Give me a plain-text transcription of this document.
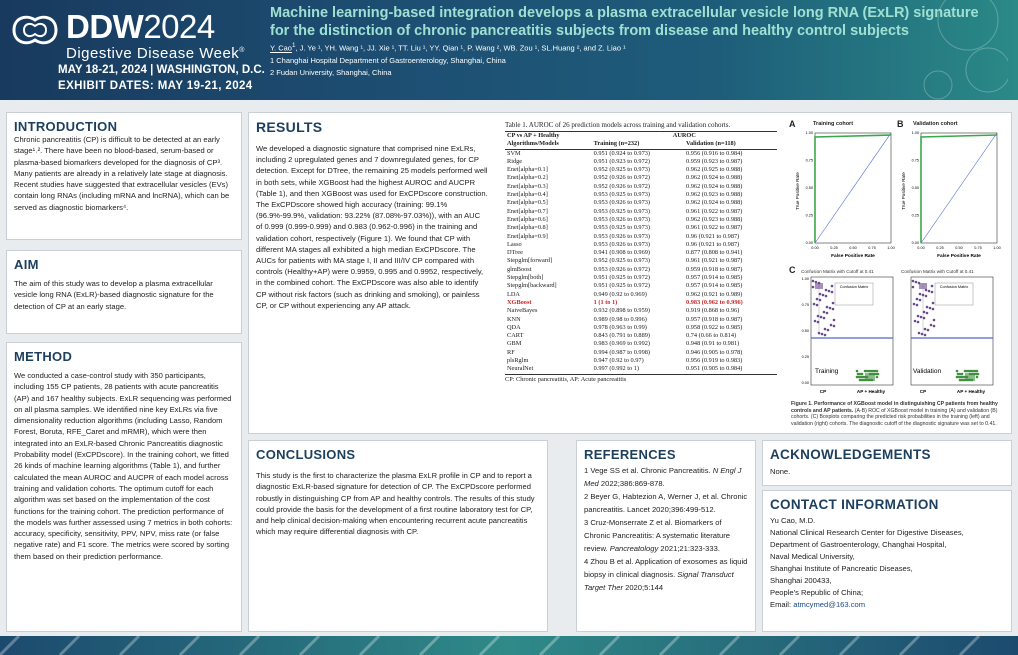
DDW2024
Digestive Disease Week®
MAY 18-21, 2024 | WASHINGTON, D.C.
EXHIBIT DATES: MAY 19-21, 2024
Machine learning-based integration develops a plasma extracellular vesicle long RNA (ExLR) signature for the distinction of chronic pancreatitis subjects from disease and healthy control subjects
Y. Cao$^1$, J. Ye ¹, YH. Wang ¹, JJ. Xie ¹, TT. Liu ¹, YY. Qian ¹, P. Wang ², WB. Zou ¹, SL.Huang ², and Z. Liao ¹
1 Changhai Hospital Department of Gastroenterology, Shanghai, China
2 Fudan University, Shanghai, China
INTRODUCTION

Chronic pancreatitis (CP) is difficult to be detected at an early stage¹˒². There have been no blood-based, serum-based or plasma-based biomarkers developed for the diagnosis of CP³. Many patients are already in a relatively late stage at diagnosis. Recent studies have suggested that extracellular vesicles (EVs) contain long RNAs (including mRNA and lncRNA), which can be served as diagnostic biomarkers⁴.

AIM

The aim of this study was to develop a plasma extracellular vesicle long RNA (ExLR)-based diagnostic signature for the detection of CP at an early stage.

METHOD

We conducted a case-control study with 350 participants, including 155 CP patients, 28 patients with acute pancreatitis (AP) and 167 healthy subjects. ExLR sequencing was performed on all plasma samples. We identified nine key ExLRs via five dimensionality reduction algorithms (including Lasso, Random Forest, Boruta, RFE_Caret and mRMR), which were then integrated into an ExLR-based Chronic Pancreatitis diagnostic Probability model (ExCPDscore). In the training cohort, we fitted 26 kinds of machine learning algorithms (Table 1), and further calculated the mean AUROC and AUCPR of each model across training and validation cohorts. The optimum cutoff for each algorithm was set based on the implementation of the cost functions for the training cohort. The prediction performance of the models was further assessed using 7 metrics in both cohorts: accuracy, specificity, sensitivity, PPV, NPV, miss rate (or false negative rate) and F1 score. The metrics were scored by sorting them based on their prediction performance.

RESULTS

We developed a diagnostic signature that comprised nine ExLRs, including 2 upregulated genes and 7 downregulated genes, for CP detection. Except for DTree, the remaining 25 models performed well in both sets, while XGBoost had the highest AUROC and AUCPR (Table 1), and then XGBoost was used for ExCPDscore construction. The ExCPDscore showed high accuracy (training: 99.1% (96.9%-99.9%, validation: 93.22% (87.08%-97.03%)), with an AUC of 0.999 (0.999-0.999) and 0.983 (0.962-0.996) in the training and validation cohort, respectively (Figure 1). We found that CP with different MA stages all exhibited a high median ExCPDscore. The AUCs for patients with MA stage I, II and III/IV CP compared with controls (Healthy+AP) were 0.9959, 0.995 and 0.9952, respectively, in the combined cohort. The ExCPDscore was also able to identify CP without risk factors (such as drinking and smoking), or painless CP, or CP without experiencing any AP attack.

Table 1. AUROC of 26 prediction models across training and validation cohorts.
CP vs AP + Healthy	AUROC	
Algorithms/Models	Training (n=232)	Validation (n=118)
SVM	0.951 (0.924 to 0.973)	0.956 (0.916 to 0.984)
Ridge	0.951 (0.923 to 0.972)	0.959 (0.923 to 0.987)
Enet[alpha=0.1]	0.952 (0.925 to 0.973)	0.962 (0.925 to 0.988)
Enet[alpha=0.2]	0.952 (0.926 to 0.972)	0.962 (0.924 to 0.988)
Enet[alpha=0.3]	0.952 (0.926 to 0.972)	0.962 (0.924 to 0.988)
Enet[alpha=0.4]	0.953 (0.925 to 0.973)	0.962 (0.923 to 0.988)
Enet[alpha=0.5]	0.953 (0.926 to 0.973)	0.962 (0.924 to 0.988)
Enet[alpha=0.7]	0.953 (0.925 to 0.973)	0.961 (0.922 to 0.987)
Enet[alpha=0.6]	0.953 (0.926 to 0.973)	0.962 (0.923 to 0.988)
Enet[alpha=0.8]	0.953 (0.925 to 0.973)	0.961 (0.922 to 0.987)
Enet[alpha=0.9]	0.953 (0.926 to 0.973)	0.96 (0.921 to 0.987)
Lasso	0.953 (0.926 to 0.973)	0.96 (0.921 to 0.987)
DTree	0.941 (0.908 to 0.969)	0.877 (0.808 to 0.941)
Stepglm[forward]	0.952 (0.925 to 0.973)	0.961 (0.921 to 0.987)
glmBoost	0.953 (0.926 to 0.972)	0.959 (0.918 to 0.987)
Stepglm[both]	0.951 (0.925 to 0.972)	0.957 (0.914 to 0.985)
Stepglm[backward]	0.951 (0.925 to 0.972)	0.957 (0.914 to 0.985)
LDA	0.949 (0.92 to 0.969)	0.962 (0.921 to 0.989)
XGBoost	1 (1 to 1)	0.983 (0.962 to 0.996)
NaiveBayes	0.932 (0.898 to 0.959)	0.919 (0.868 to 0.96)
KNN	0.989 (0.98 to 0.996)	0.957 (0.918 to 0.987)
QDA	0.978 (0.963 to 0.99)	0.958 (0.922 to 0.985)
CART	0.843 (0.791 to 0.889)	0.74 (0.66 to 0.814)
GBM	0.983 (0.969 to 0.992)	0.948 (0.91 to 0.981)
RF	0.994 (0.987 to 0.998)	0.946 (0.905 to 0.978)
plsRglm	0.947 (0.92 to 0.97)	0.956 (0.919 to 0.983)
NeuralNet	0.997 (0.992 to 1)	0.951 (0.905 to 0.984)
CP: Chronic pancreatitis, AP: Acute pancreatitis
A	Training cohort	B Validation cohort
True Positive Rate	True Positive Rate
False Positive Rate	False Positive Rate
0.00	0.00
0.00	0.00
0.25	0.25
0.25	0.25
0.50	0.50
0.50	0.50
0.75	0.75
0.75	0.75
1.00	1.00
1.00	1.00
C Confusion Matrix with Cutoff at 0.41	Confusion Matrix with Cutoff at 0.41
Confusion Matrix
Training
CP	AP + Healthy
Confusion Matrix
Validation
CP	AP + Healthy
1.00
0.75
0.50
0.25
0.00
Figure 1. Performance of XGBoost model in distinguishing CP patients from healthy controls and AP patients. (A-B) ROC of XGBoost model in training (A) and validation (B) cohorts. (C) Boxplots comparing the predicted risk probabilities in the training (left) and validation (right) cohorts. The diagnostic cutoff of the diagnostic signature was set to 0.41.
CONCLUSIONS

This study is the first to characterize the plasma ExLR profile in CP and to report a diagnostic ExLR-based signature for detection of CP. The ExCPDscore performed robustly in distinguishing CP from AP and healthy controls. The results of this study could provide the basis for the development of a first routine laboratory test for CP, and help clinical decision-making when encountering recurrent acute pancreatitis which may require differential diagnosis with CP.

REFERENCES

1 Vege SS et al. Chronic Pancreatitis. N Engl J Med 2022;386:869-878.

2 Beyer G, Habtezion A, Werner J, et al. Chronic pancreatitis. Lancet 2020;396:499-512.

3 Cruz-Monserrate Z et al. Biomarkers of Chronic Pancreatitis: A systematic literature review. Pancreatology 2021;21:323-333.

4 Zhou B et al. Application of exosomes as liquid biopsy in clinical diagnosis. Signal Transduct Target Ther 2020;5:144

ACKNOWLEDGEMENTS

None.

CONTACT INFORMATION

Yu Cao, M.D.

National Clinical Research Center for Digestive Diseases,

Department of Gastroenterology, Changhai Hospital,

Naval Medical University,

Shanghai Institute of Pancreatic Diseases,

Shanghai 200433,

People's Republic of China;

Email: atmcymed@163.com
